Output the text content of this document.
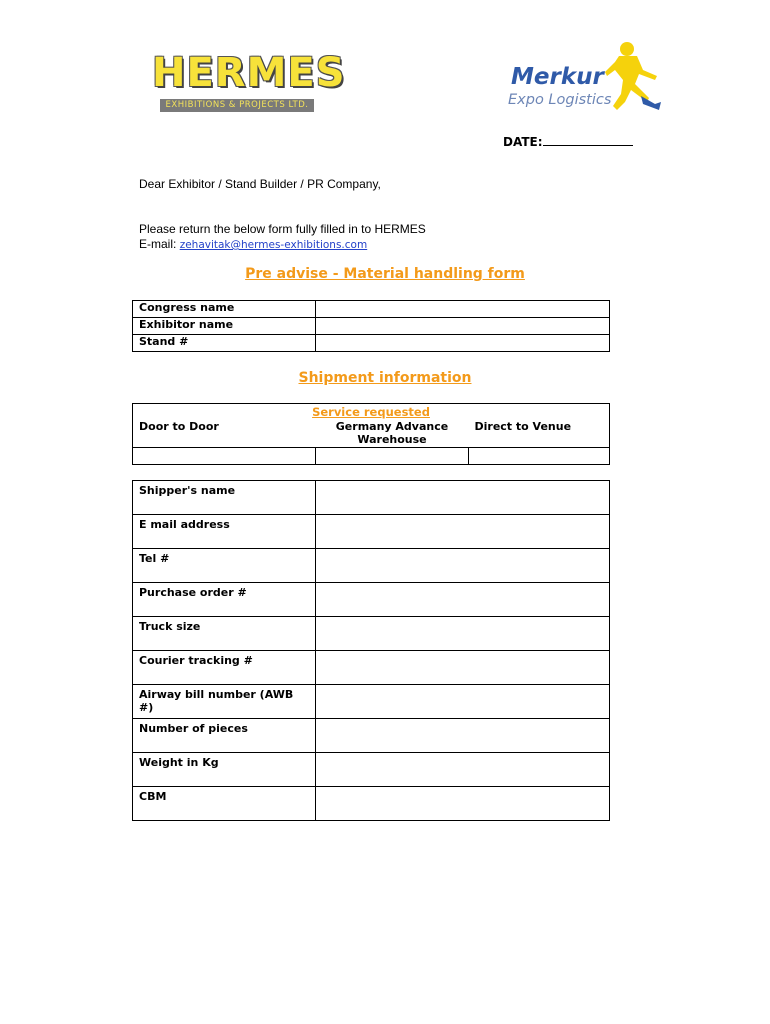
HERMES
EXHIBITIONS & PROJECTS LTD.
Merkur
Expo Logistics
DATE:
Dear Exhibitor / Stand Builder / PR Company,
Please return the below form fully filled in to HERMES
E-mail: zehavitak@hermes-exhibitions.com
Pre advise - Material handling form
Congress name	
Exhibitor name	
Stand #	
Shipment information
Service requested		

Door to Door	Germany Advance Warehouse	Direct to Venue

Shipper's name	
E mail address	
Tel #	
Purchase order #	
Truck size	
Courier tracking #	
Airway bill number (AWB #)	
Number of pieces	
Weight in Kg	
CBM	
